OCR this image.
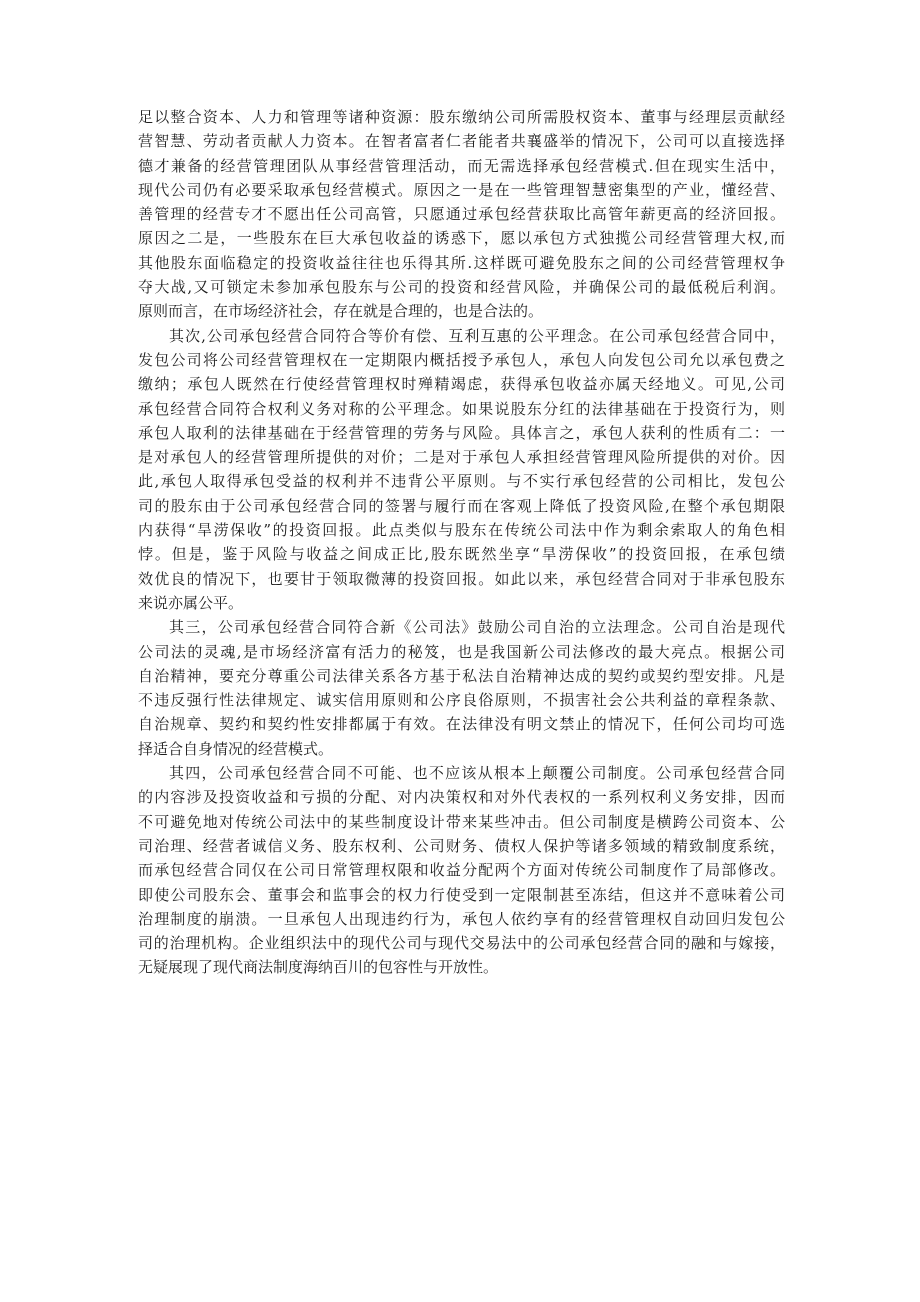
足以整合资本、人力和管理等诸种资源：股东缴纳公司所需股权资本、董事与经理层贡献经
营智慧、劳动者贡献人力资本。在智者富者仁者能者共襄盛举的情况下，公司可以直接选择
德才兼备的经营管理团队从事经营管理活动，而无需选择承包经营模式.但在现实生活中，
现代公司仍有必要采取承包经营模式。原因之一是在一些管理智慧密集型的产业，懂经营、
善管理的经营专才不愿出任公司高管，只愿通过承包经营获取比高管年薪更高的经济回报。
原因之二是，一些股东在巨大承包收益的诱惑下，愿以承包方式独揽公司经营管理大权,而
其他股东面临稳定的投资收益往往也乐得其所.这样既可避免股东之间的公司经营管理权争
夺大战,又可锁定未参加承包股东与公司的投资和经营风险，并确保公司的最低税后利润。
原则而言，在市场经济社会，存在就是合理的，也是合法的。
其次,公司承包经营合同符合等价有偿、互利互惠的公平理念。在公司承包经营合同中，
发包公司将公司经营管理权在一定期限内概括授予承包人，承包人向发包公司允以承包费之
缴纳；承包人既然在行使经营管理权时殚精竭虑，获得承包收益亦属天经地义。可见,公司
承包经营合同符合权利义务对称的公平理念。如果说股东分红的法律基础在于投资行为，则
承包人取利的法律基础在于经营管理的劳务与风险。具体言之，承包人获利的性质有二：一
是对承包人的经营管理所提供的对价；二是对于承包人承担经营管理风险所提供的对价。因
此,承包人取得承包受益的权利并不违背公平原则。与不实行承包经营的公司相比，发包公
司的股东由于公司承包经营合同的签署与履行而在客观上降低了投资风险,在整个承包期限
内获得“旱涝保收”的投资回报。此点类似与股东在传统公司法中作为剩余索取人的角色相
悖。但是，鉴于风险与收益之间成正比,股东既然坐享“旱涝保收”的投资回报，在承包绩
效优良的情况下，也要甘于领取微薄的投资回报。如此以来，承包经营合同对于非承包股东
来说亦属公平。
其三，公司承包经营合同符合新《公司法》鼓励公司自治的立法理念。公司自治是现代
公司法的灵魂,是市场经济富有活力的秘笈，也是我国新公司法修改的最大亮点。根据公司
自治精神，要充分尊重公司法律关系各方基于私法自治精神达成的契约或契约型安排。凡是
不违反强行性法律规定、诚实信用原则和公序良俗原则，不损害社会公共利益的章程条款、
自治规章、契约和契约性安排都属于有效。在法律没有明文禁止的情况下，任何公司均可选
择适合自身情况的经营模式。
其四，公司承包经营合同不可能、也不应该从根本上颠覆公司制度。公司承包经营合同
的内容涉及投资收益和亏损的分配、对内决策权和对外代表权的一系列权利义务安排，因而
不可避免地对传统公司法中的某些制度设计带来某些冲击。但公司制度是横跨公司资本、公
司治理、经营者诚信义务、股东权利、公司财务、债权人保护等诸多领域的精致制度系统，
而承包经营合同仅在公司日常管理权限和收益分配两个方面对传统公司制度作了局部修改。
即使公司股东会、董事会和监事会的权力行使受到一定限制甚至冻结，但这并不意味着公司
治理制度的崩溃。一旦承包人出现违约行为，承包人依约享有的经营管理权自动回归发包公
司的治理机构。企业组织法中的现代公司与现代交易法中的公司承包经营合同的融和与嫁接，
无疑展现了现代商法制度海纳百川的包容性与开放性。
